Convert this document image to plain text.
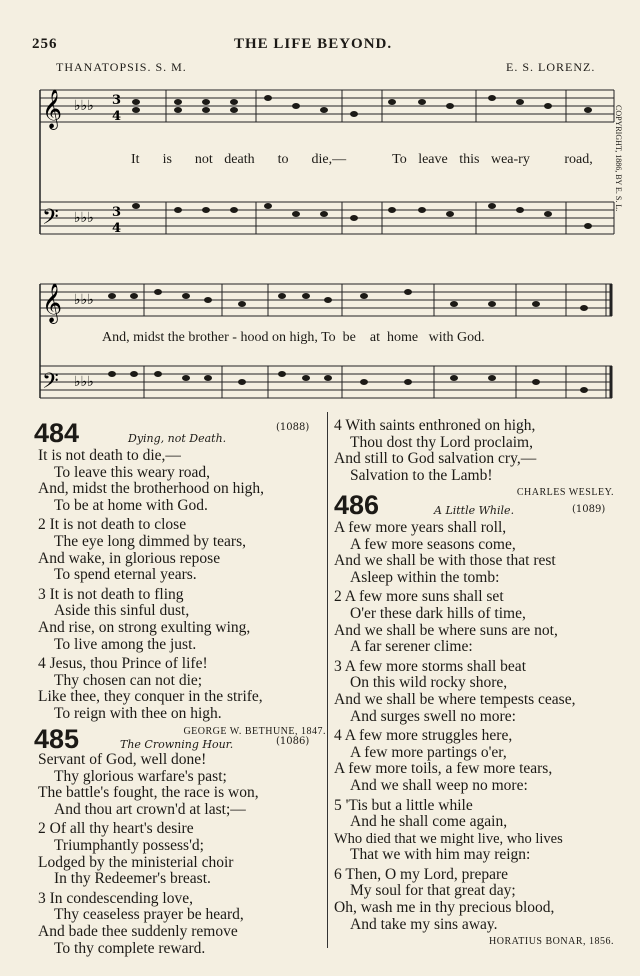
256	THE LIFE BEYOND.
THANATOPSIS. S. M.	E. S. LORENZ.
COPYRIGHT, 1886, BY E. S. L.
𝄞
𝄢
♭♭♭
♭♭♭
3
4
3
4
It is not death to die,—	To leave this wea-ry road,
𝄞
𝄢
♭♭♭
♭♭♭
And, midst the brother - hood on high, To be at home with God.
484	Dying, not Death.
(1088)
It is not death to die,—
To leave this weary road,
And, midst the brotherhood on high,
To be at home with God.
2 It is not death to close
The eye long dimmed by tears,
And wake, in glorious repose
To spend eternal years.
3 It is not death to fling
Aside this sinful dust,
And rise, on strong exulting wing,
To live among the just.
4 Jesus, thou Prince of life!
Thy chosen can not die;
Like thee, they conquer in the strife,
To reign with thee on high.
GEORGE W. BETHUNE, 1847.
485	The Crowning Hour.	(1086)
Servant of God, well done!
Thy glorious warfare's past;
The battle's fought, the race is won,
And thou art crown'd at last;—
2 Of all thy heart's desire
Triumphantly possess'd;
Lodged by the ministerial choir
In thy Redeemer's breast.
3 In condescending love,
Thy ceaseless prayer be heard,
And bade thee suddenly remove
To thy complete reward.
4 With saints enthroned on high,
Thou dost thy Lord proclaim,
And still to God salvation cry,—
Salvation to the Lamb!
CHARLES WESLEY.
486	A Little While.	(1089)
A few more years shall roll,
A few more seasons come,
And we shall be with those that rest
Asleep within the tomb:
2 A few more suns shall set
O'er these dark hills of time,
And we shall be where suns are not,
A far serener clime:
3 A few more storms shall beat
On this wild rocky shore,
And we shall be where tempests cease,
And surges swell no more:
4 A few more struggles here,
A few more partings o'er,
A few more toils, a few more tears,
And we shall weep no more:
5 'Tis but a little while
And he shall come again,
Who died that we might live, who lives
That we with him may reign:
6 Then, O my Lord, prepare
My soul for that great day;
Oh, wash me in thy precious blood,
And take my sins away.
HORATIUS BONAR, 1856.
